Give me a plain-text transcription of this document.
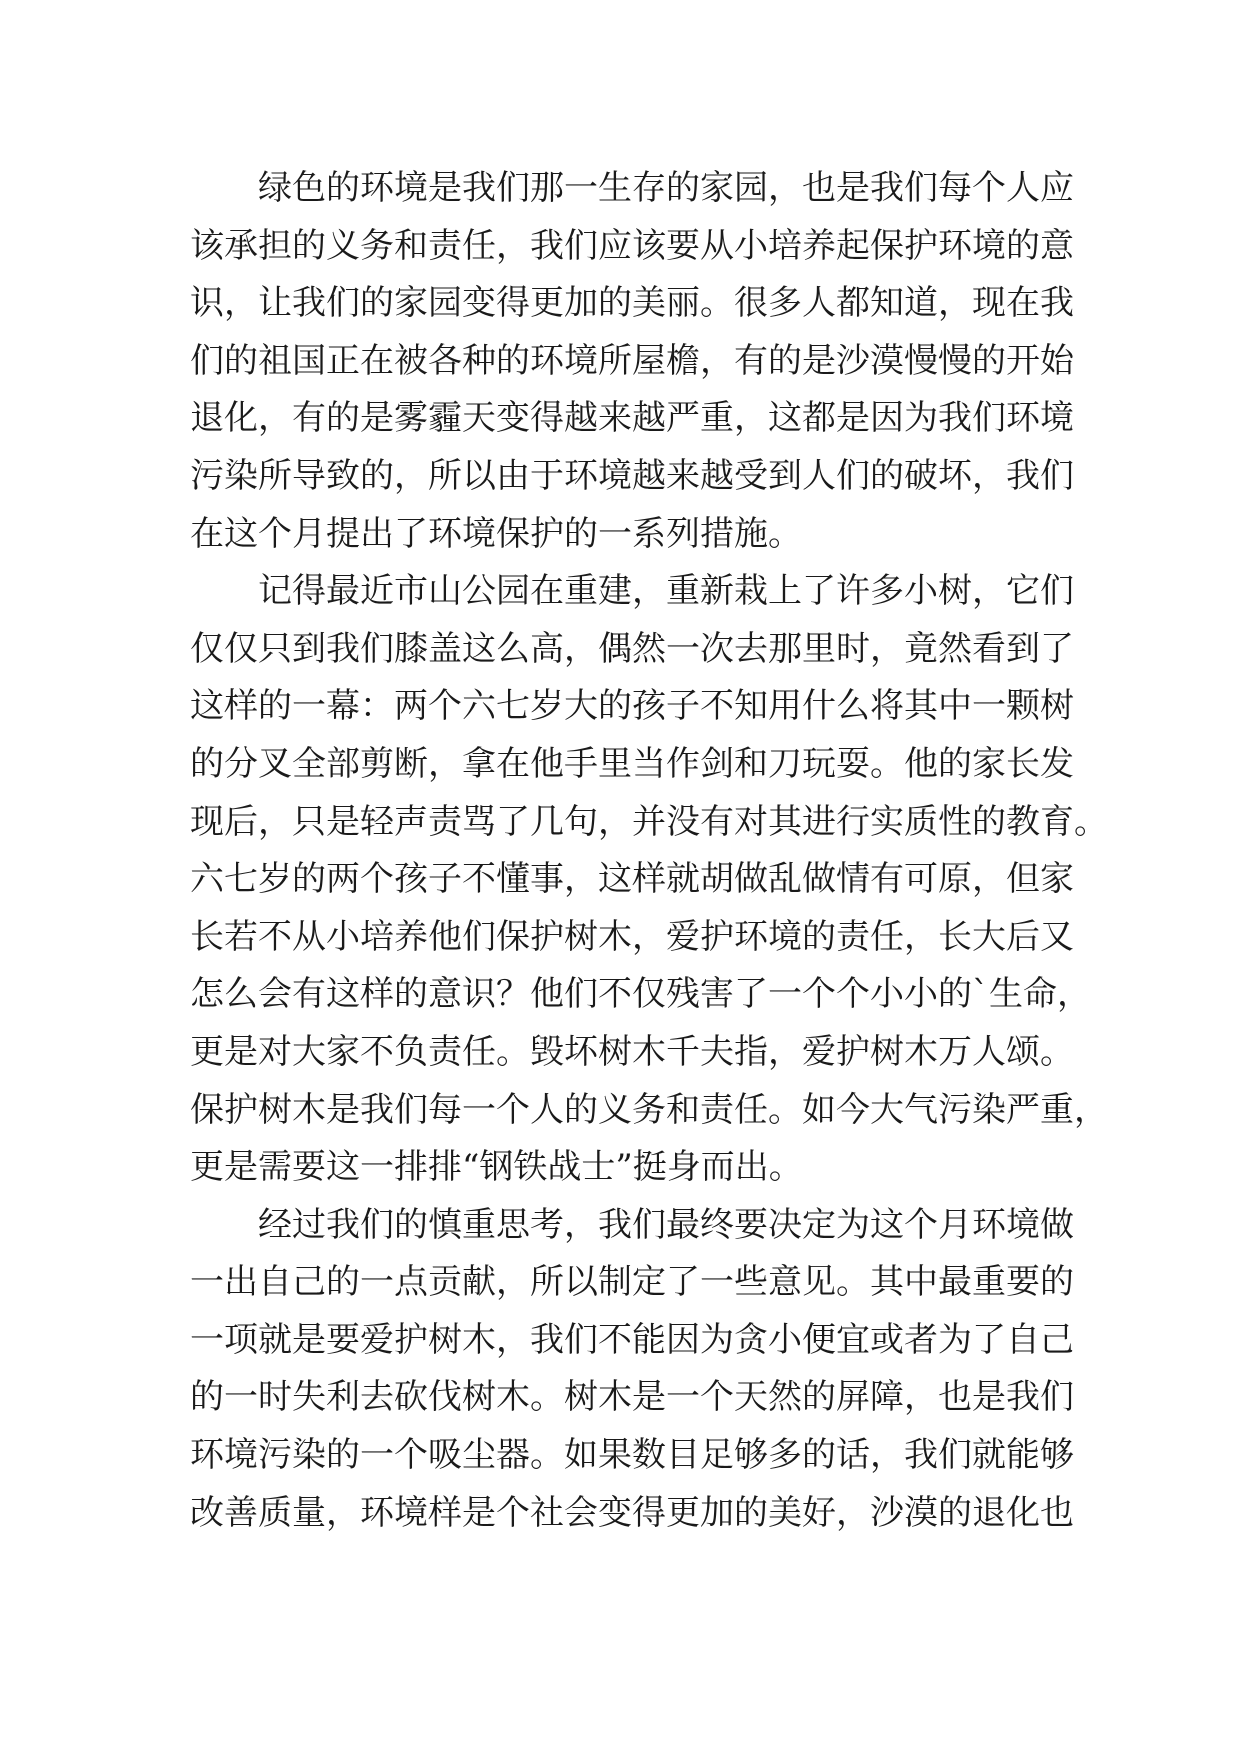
绿色的环境是我们那一生存的家园，也是我们每个人应
该承担的义务和责任，我们应该要从小培养起保护环境的意
识，让我们的家园变得更加的美丽。很多人都知道，现在我
们的祖国正在被各种的环境所屋檐，有的是沙漠慢慢的开始
退化，有的是雾霾天变得越来越严重，这都是因为我们环境
污染所导致的，所以由于环境越来越受到人们的破坏，我们
在这个月提出了环境保护的一系列措施。
记得最近市山公园在重建，重新栽上了许多小树，它们
仅仅只到我们膝盖这么高，偶然一次去那里时，竟然看到了
这样的一幕：两个六七岁大的孩子不知用什么将其中一颗树
的分叉全部剪断，拿在他手里当作剑和刀玩耍。他的家长发
现后，只是轻声责骂了几句，并没有对其进行实质性的教育。
六七岁的两个孩子不懂事，这样就胡做乱做情有可原，但家
长若不从小培养他们保护树木，爱护环境的责任，长大后又
怎么会有这样的意识？他们不仅残害了一个个小小的`生命，
更是对大家不负责任。毁坏树木千夫指，爱护树木万人颂。
保护树木是我们每一个人的义务和责任。如今大气污染严重，
更是需要这一排排“钢铁战士”挺身而出。
经过我们的慎重思考，我们最终要决定为这个月环境做
一出自己的一点贡献，所以制定了一些意见。其中最重要的
一项就是要爱护树木，我们不能因为贪小便宜或者为了自己
的一时失利去砍伐树木。树木是一个天然的屏障，也是我们
环境污染的一个吸尘器。如果数目足够多的话，我们就能够
改善质量，环境样是个社会变得更加的美好，沙漠的退化也
